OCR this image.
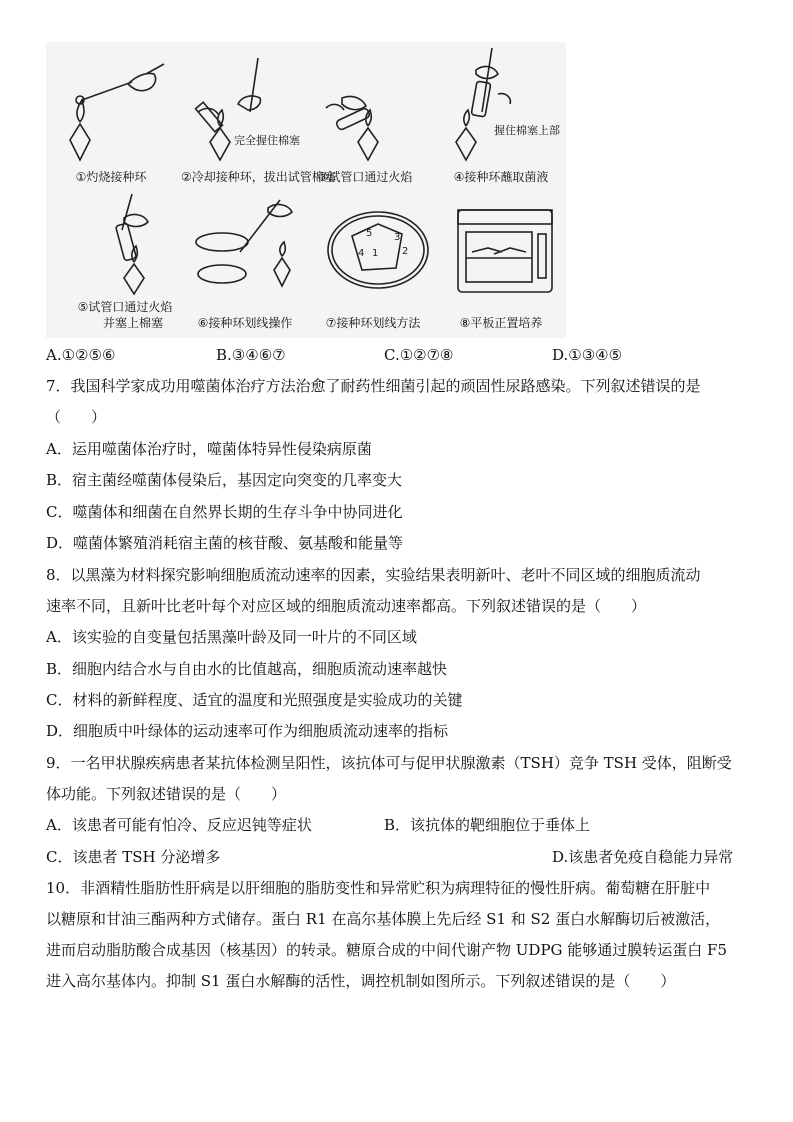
①灼烧接种环
完全握住棉塞
②冷却接种环，拔出试管棉塞
③试管口通过火焰
握住棉塞上部
④接种环蘸取菌液
⑤试管口通过火焰
并塞上棉塞	⑥接种环划线操作
5
4 1 2
3
⑦接种环划线方法	⑧平板正置培养
A.①②⑤⑥	B.③④⑥⑦	C.①②⑦⑧	D.①③④⑤
7．我国科学家成功用噬菌体治疗方法治愈了耐药性细菌引起的顽固性尿路感染。下列叙述错误的是
（　　）
A．运用噬菌体治疗时，噬菌体特异性侵染病原菌
B．宿主菌经噬菌体侵染后，基因定向突变的几率变大
C．噬菌体和细菌在自然界长期的生存斗争中协同进化
D．噬菌体繁殖消耗宿主菌的核苷酸、氨基酸和能量等
8．以黑藻为材料探究影响细胞质流动速率的因素，实验结果表明新叶、老叶不同区域的细胞质流动
速率不同，且新叶比老叶每个对应区域的细胞质流动速率都高。下列叙述错误的是（　　）
A．该实验的自变量包括黑藻叶龄及同一叶片的不同区域
B．细胞内结合水与自由水的比值越高，细胞质流动速率越快
C．材料的新鲜程度、适宜的温度和光照强度是实验成功的关键
D．细胞质中叶绿体的运动速率可作为细胞质流动速率的指标
9．一名甲状腺疾病患者某抗体检测呈阳性，该抗体可与促甲状腺激素（TSH）竞争 TSH 受体，阻断受
体功能。下列叙述错误的是（　　）
A．该患者可能有怕冷、反应迟钝等症状	B．该抗体的靶细胞位于垂体上
C．该患者 TSH 分泌增多	D.该患者免疫自稳能力异常
10．非酒精性脂肪性肝病是以肝细胞的脂肪变性和异常贮积为病理特征的慢性肝病。葡萄糖在肝脏中
以糖原和甘油三酯两种方式储存。蛋白 R1 在高尔基体膜上先后经 S1 和 S2 蛋白水解酶切后被激活，
进而启动脂肪酸合成基因（核基因）的转录。糖原合成的中间代谢产物 UDPG 能够通过膜转运蛋白 F5
进入高尔基体内。抑制 S1 蛋白水解酶的活性，调控机制如图所示。下列叙述错误的是（　　）
